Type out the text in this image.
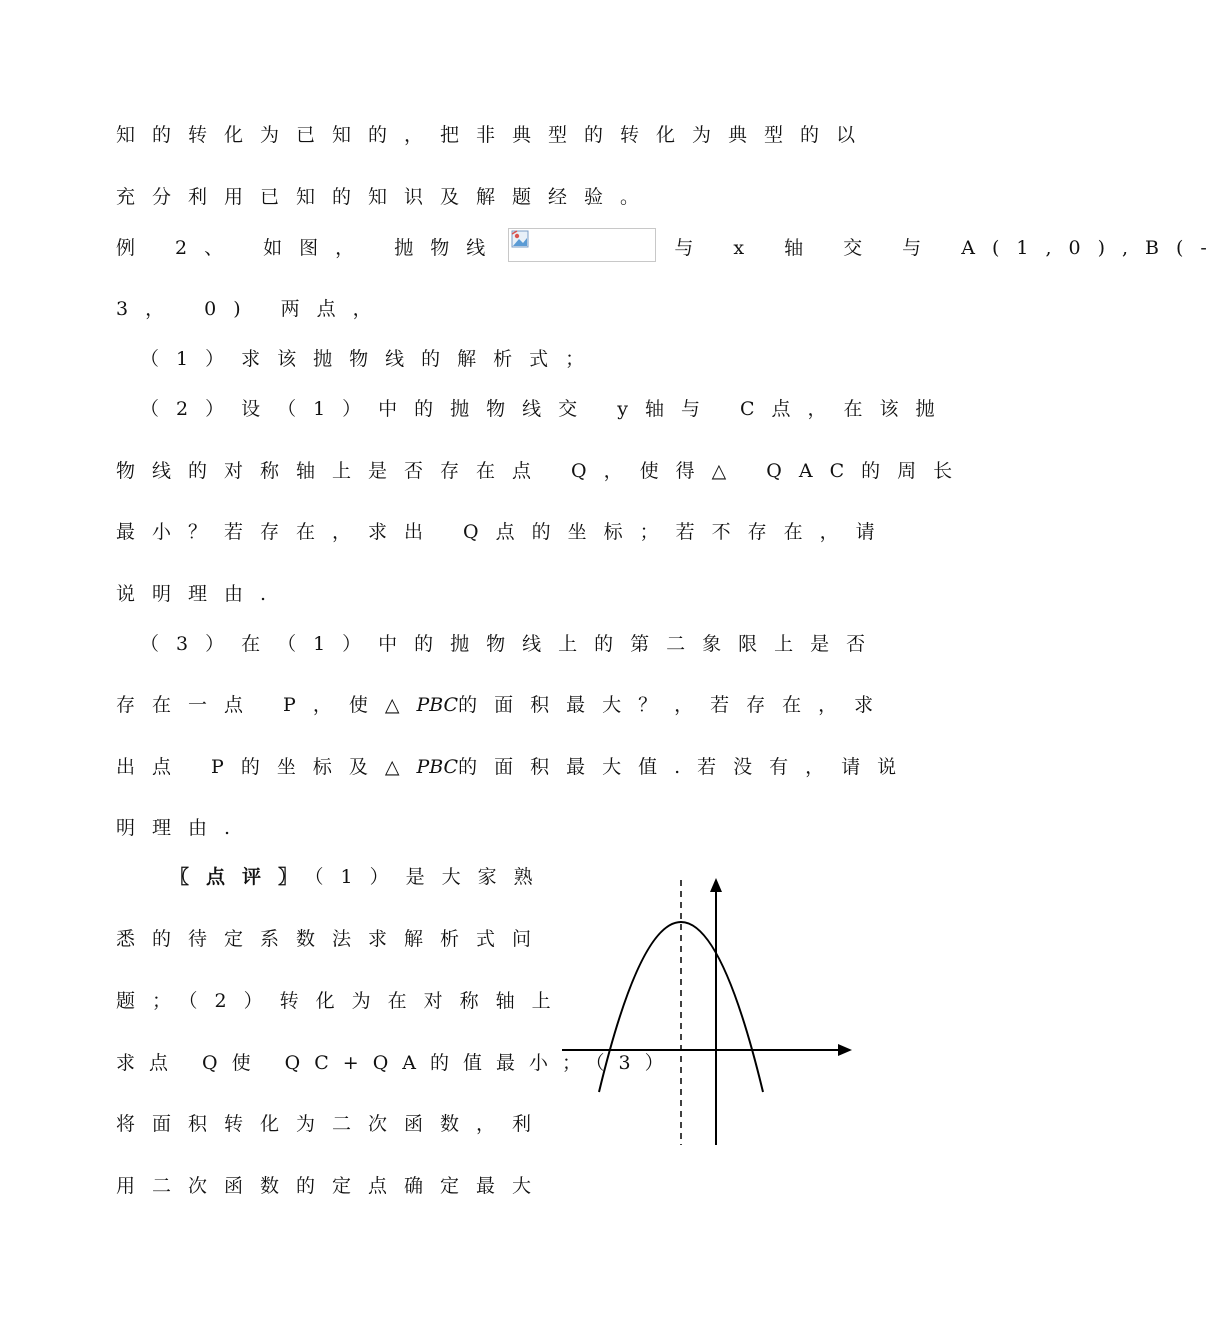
知的转化为已知的，把非典型的转化为典型的以
充分利用已知的知识及解题经验。
例 2、 如图， 抛物线	与 x 轴 交 与 A(1,0),B(-
3， 0) 两点，
（1）求该抛物线的解析式；
（2）设（1）中的抛物线交 y轴与 C点，在该抛
物线的对称轴上是否存在点 Q，使得△ QAC的周长
最小？若存在，求出 Q点的坐标；若不存在，请
说明理由.
（3）在（1）中的抛物线上的第二象限上是否
存在一点 P，使△PBC的面积最大？，若存在，求
出点 P的坐标及△PBC的面积最大值.若没有，请说
明理由.
〖点评〗（1）是大家熟
悉的待定系数法求解析式问
题；（2）转化为在对称轴上
求点 Q使 QC+QA的值最小；（3）
将面积转化为二次函数，利
用二次函数的定点确定最大
